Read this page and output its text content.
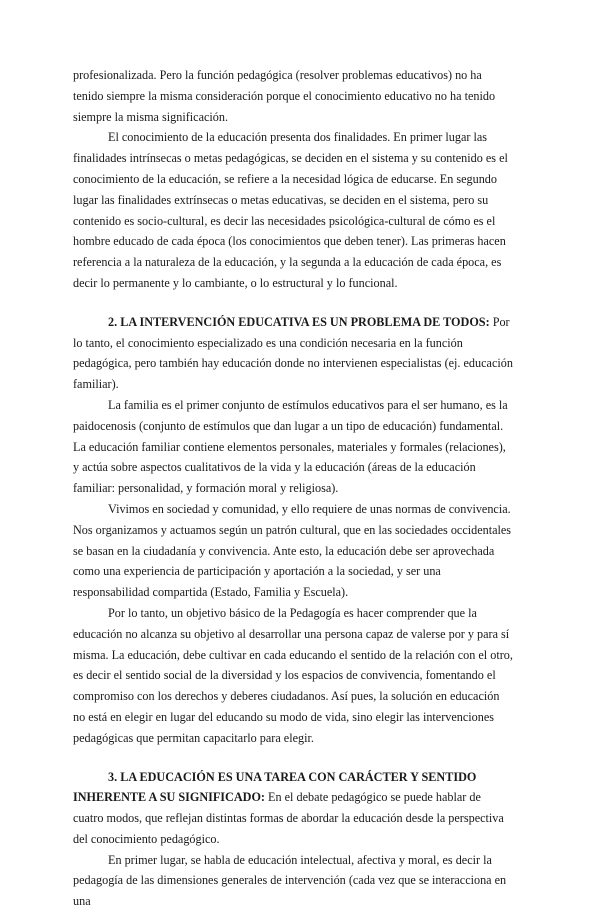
profesionalizada. Pero la función pedagógica (resolver problemas educativos) no ha tenido siempre la misma consideración porque el conocimiento educativo no ha tenido siempre la misma significación.

El conocimiento de la educación presenta dos finalidades. En primer lugar las finalidades intrínsecas o metas pedagógicas, se deciden en el sistema y su contenido es el conocimiento de la educación, se refiere a la necesidad lógica de educarse. En segundo lugar las finalidades extrínsecas o metas educativas, se deciden en el sistema, pero su contenido es socio-cultural, es decir las necesidades psicológica-cultural de cómo es el hombre educado de cada época (los conocimientos que deben tener). Las primeras hacen referencia a la naturaleza de la educación, y la segunda a la educación de cada época, es decir lo permanente y lo cambiante, o lo estructural y lo funcional.

2. LA INTERVENCIÓN EDUCATIVA ES UN PROBLEMA DE TODOS: Por lo tanto, el conocimiento especializado es una condición necesaria en la función pedagógica, pero también hay educación donde no intervienen especialistas (ej. educación familiar).

La familia es el primer conjunto de estímulos educativos para el ser humano, es la paidocenosis (conjunto de estímulos que dan lugar a un tipo de educación) fundamental. La educación familiar contiene elementos personales, materiales y formales (relaciones), y actúa sobre aspectos cualitativos de la vida y la educación (áreas de la educación familiar: personalidad, y formación moral y religiosa).

Vivimos en sociedad y comunidad, y ello requiere de unas normas de convivencia. Nos organizamos y actuamos según un patrón cultural, que en las sociedades occidentales se basan en la ciudadanía y convivencia. Ante esto, la educación debe ser aprovechada como una experiencia de participación y aportación a la sociedad, y ser una responsabilidad compartida (Estado, Familia y Escuela).

Por lo tanto, un objetivo básico de la Pedagogía es hacer comprender que la educación no alcanza su objetivo al desarrollar una persona capaz de valerse por y para sí misma. La educación, debe cultivar en cada educando el sentido de la relación con el otro, es decir el sentido social de la diversidad y los espacios de convivencia, fomentando el compromiso con los derechos y deberes ciudadanos. Así pues, la solución en educación no está en elegir en lugar del educando su modo de vida, sino elegir las intervenciones pedagógicas que permitan capacitarlo para elegir.

3. LA EDUCACIÓN ES UNA TAREA CON CARÁCTER Y SENTIDO INHERENTE A SU SIGNIFICADO: En el debate pedagógico se puede hablar de cuatro modos, que reflejan distintas formas de abordar la educación desde la perspectiva del conocimiento pedagógico.

En primer lugar, se habla de educación intelectual, afectiva y moral, es decir la pedagogía de las dimensiones generales de intervención (cada vez que se interacciona en una
